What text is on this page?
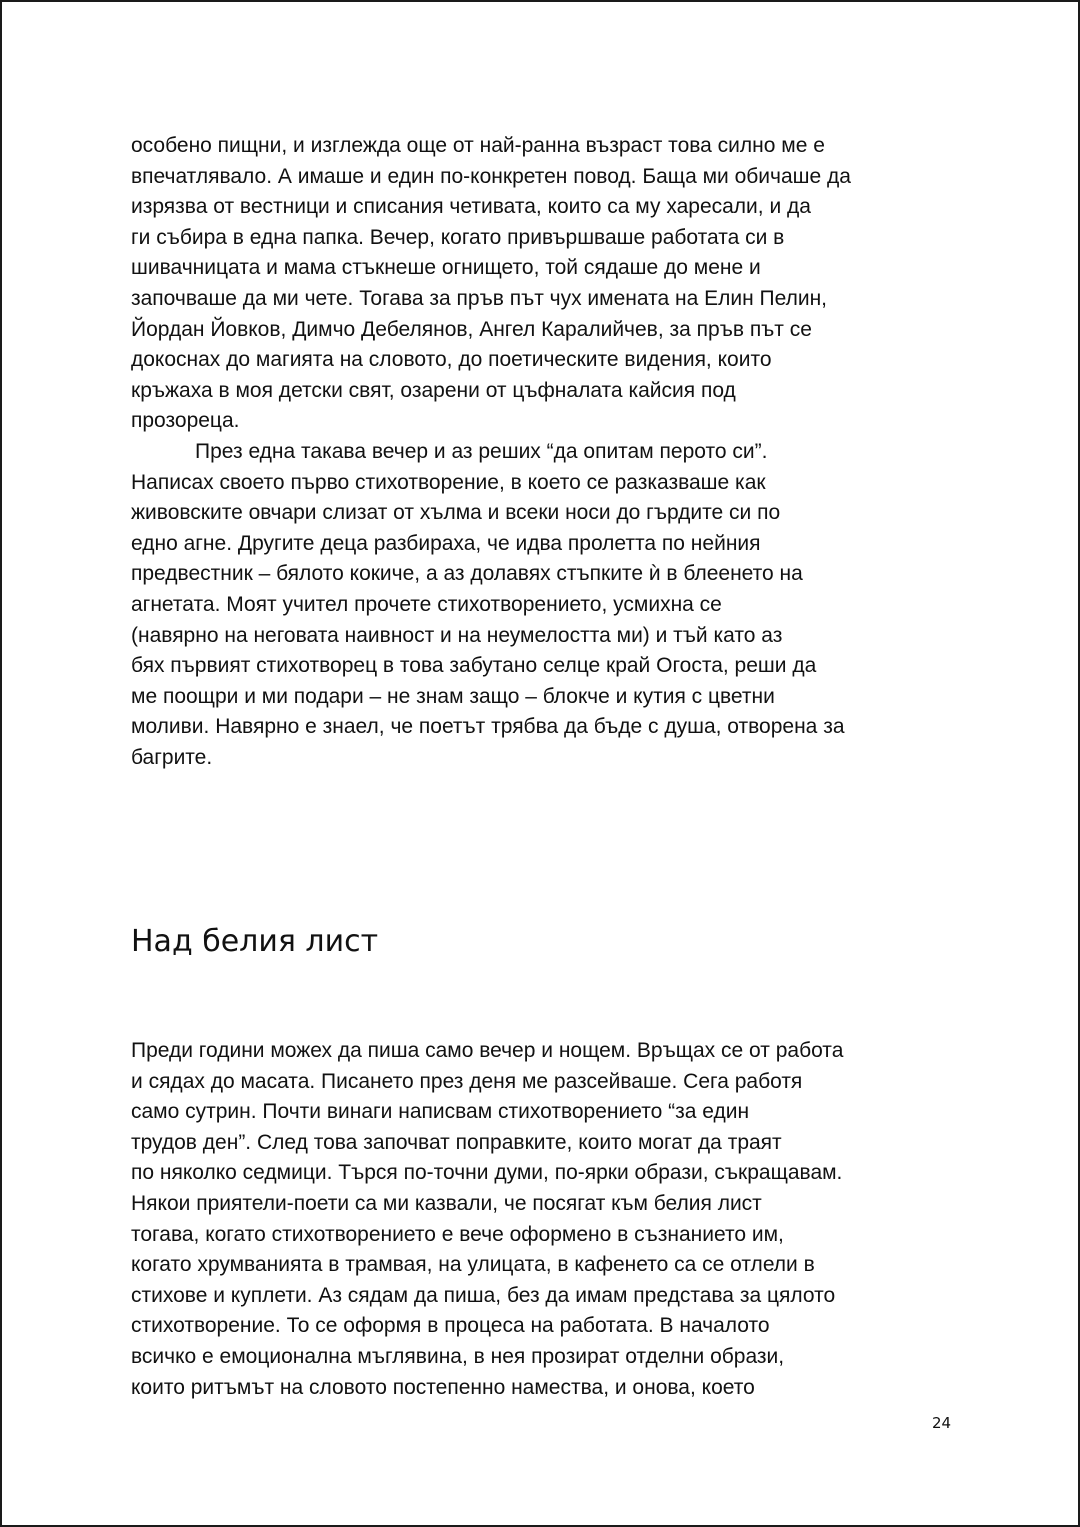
особено пищни, и изглежда още от най-ранна възраст това силно ме е
впечатлявало. А имаше и един по-конкретен повод. Баща ми обичаше да
изрязва от вестници и списания четивата, които са му харесали, и да
ги събира в една папка. Вечер, когато привършваше работата си в
шивачницата и мама стъкнеше огнището, той сядаше до мене и
започваше да ми чете. Тогава за пръв път чух имената на Елин Пелин,
Йордан Йовков, Димчо Дебелянов, Ангел Каралийчев, за пръв път се
докоснах до магията на словото, до поетическите видения, които
кръжаха в моя детски свят, озарени от цъфналата кайсия под
прозореца.
През една такава вечер и аз реших “да опитам перото си”.
Написах своето първо стихотворение, в което се разказваше как
живовските овчари слизат от хълма и всеки носи до гърдите си по
едно агне. Другите деца разбираха, че идва пролетта по нейния
предвестник – бялото кокиче, а аз долавях стъпките ѝ в блеенето на
агнетата. Моят учител прочете стихотворението, усмихна се
(навярно на неговата наивност и на неумелостта ми) и тъй като аз
бях първият стихотворец в това забутано селце край Огоста, реши да
ме поощри и ми подари – не знам защо – блокче и кутия с цветни
моливи. Навярно е знаел, че поетът трябва да бъде с душа, отворена за
багрите.
Над белия лист
Преди години можех да пиша само вечер и нощем. Връщах се от работа
и сядах до масата. Писането през деня ме разсейваше. Сега работя
само сутрин. Почти винаги написвам стихотворението “за един
трудов ден”. След това започват поправките, които могат да траят
по няколко седмици. Търся по-точни думи, по-ярки образи, съкращавам.
Някои приятели-поети са ми казвали, че посягат към белия лист
тогава, когато стихотворението е вече оформено в съзнанието им,
когато хрумванията в трамвая, на улицата, в кафенето са се отлели в
стихове и куплети. Аз сядам да пиша, без да имам представа за цялото
стихотворение. То се оформя в процеса на работата. В началото
всичко е емоционална мъглявина, в нея прозират отделни образи,
които ритъмът на словото постепенно намества, и онова, което
24
